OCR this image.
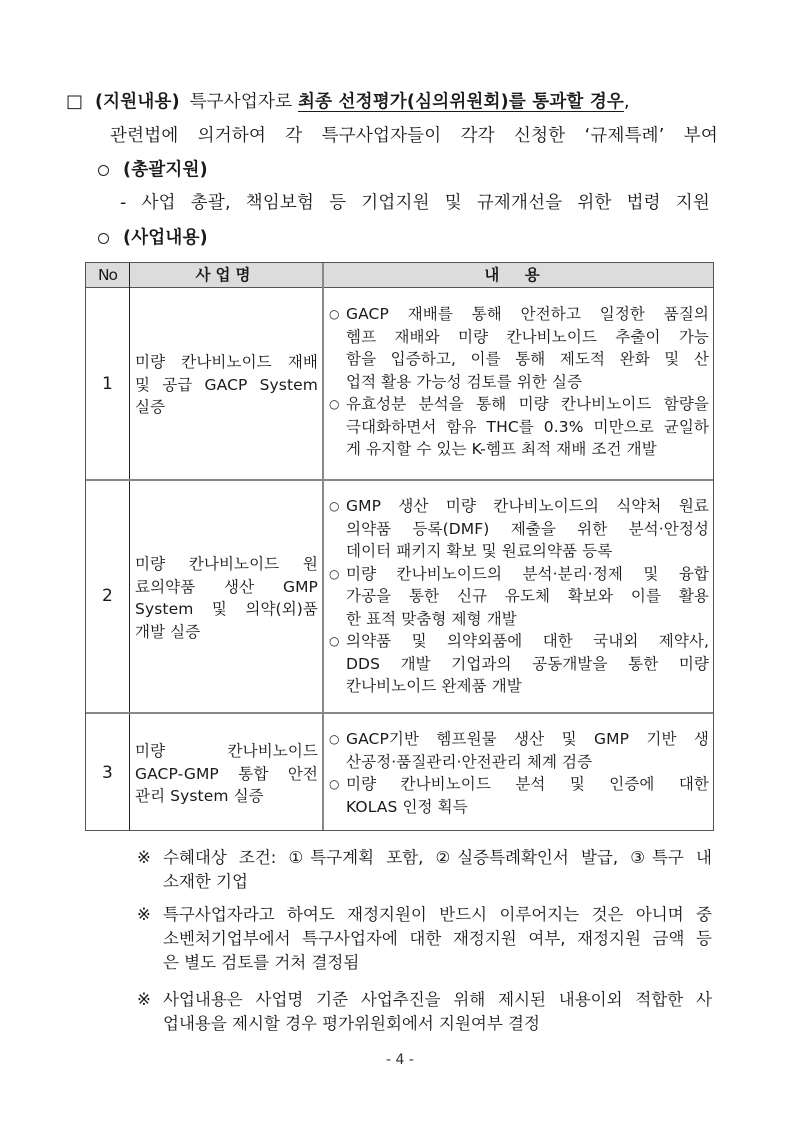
□ (지원내용) 특구사업자로 최종 선정평가(심의위원회)를 통과할 경우,
관련법에 의거하여 각 특구사업자들이 각각 신청한 ‘규제특례’ 부여
(총괄지원)
- 사업 총괄, 책임보험 등 기업지원 및 규제개선을 위한 법령 지원
(사업내용)
No	사업명	내 용
1
미량 칸나비노이드 재배
및 공급 GACP System
실증
○ GACP 재배를 통해 안전하고 일정한 품질의
헴프 재배와 미량 칸나비노이드 추출이 가능
함을 입증하고, 이를 통해 제도적 완화 및 산
업적 활용 가능성 검토를 위한 실증
○ 유효성분 분석을 통해 미량 칸나비노이드 함량을
극대화하면서 함유 THC를 0.3% 미만으로 균일하
게 유지할 수 있는 K-헴프 최적 재배 조건 개발
2
미량 칸나비노이드 원
료의약품 생산 GMP
System 및 의약(외)품
개발 실증
○ GMP 생산 미량 칸나비노이드의 식약처 원료
의약품 등록(DMF) 제출을 위한 분석·안정성
데이터 패키지 확보 및 원료의약품 등록
○ 미량 칸나비노이드의 분석·분리·정제 및 융합
가공을 통한 신규 유도체 확보와 이를 활용
한 표적 맞춤형 제형 개발
○ 의약품 및 의약외품에 대한 국내외 제약사,
DDS 개발 기업과의 공동개발을 통한 미량
칸나비노이드 완제품 개발
3
미량 칸나비노이드
GACP-GMP 통합 안전
관리 System 실증
○ GACP기반 헴프원물 생산 및 GMP 기반 생
산공정·품질관리·안전관리 체계 검증
○ 미량 칸나비노이드 분석 및 인증에 대한
KOLAS 인정 획득
※ 수혜대상 조건: ①특구계획 포함, ②실증특례확인서 발급, ③특구 내
소재한 기업
※ 특구사업자라고 하여도 재정지원이 반드시 이루어지는 것은 아니며 중
소벤처기업부에서 특구사업자에 대한 재정지원 여부, 재정지원 금액 등
은 별도 검토를 거처 결정됨
※ 사업내용은 사업명 기준 사업추진을 위해 제시된 내용이외 적합한 사
업내용을 제시할 경우 평가위원회에서 지원여부 결정
- 4 -
